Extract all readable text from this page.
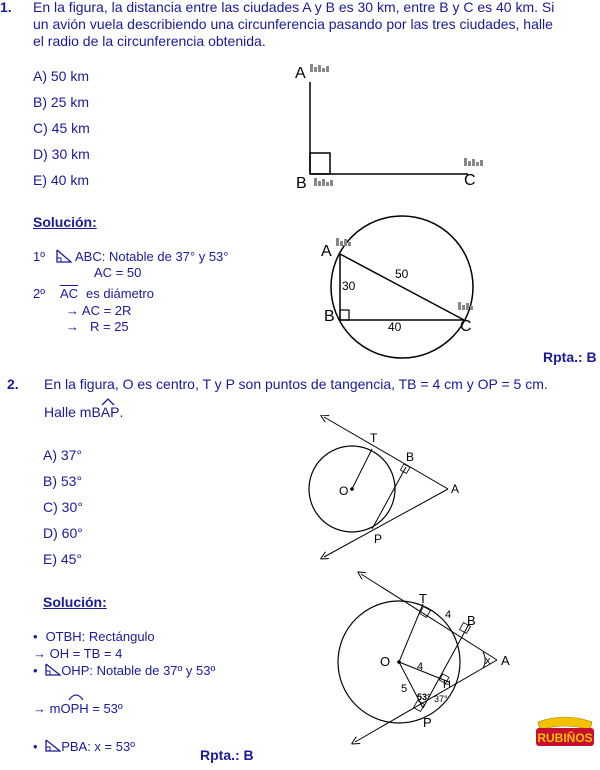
1. En la figura, la distancia entre las ciudades A y B es 30 km, entre B y C es 40 km. Si
un avión vuela describiendo una circunferencia pasando por las tres ciudades, halle
el radio de la circunferencia obtenida.
A) 50 km
B) 25 km
C) 45 km
D) 30 km
E) 40 km
A
B	C
Solución:
1º ABC: Notable de 37° y 53°
AC = 50
2º AC es diámetro
→ AC = 2R
→ R = 25
A
B
C
30
40
50
Rpta.: B
2. En la figura, O es centro, T y P son puntos de tangencia, TB = 4 cm y OP = 5 cm.
Halle m
BAP.
A) 37°
B) 53°
C) 30°
D) 60°
E) 45°
T
B
O	A
P
Solución:
• OTBH: Rectángulo
→ OH = TB = 4
• OHP: Notable de 37º y 53º
→ m
OPH = 53º
• PBA: x = 53º
Rpta.: B
T
B
O	A
P
H
x
4
4
5
53° 37°
RUBIÑOS
